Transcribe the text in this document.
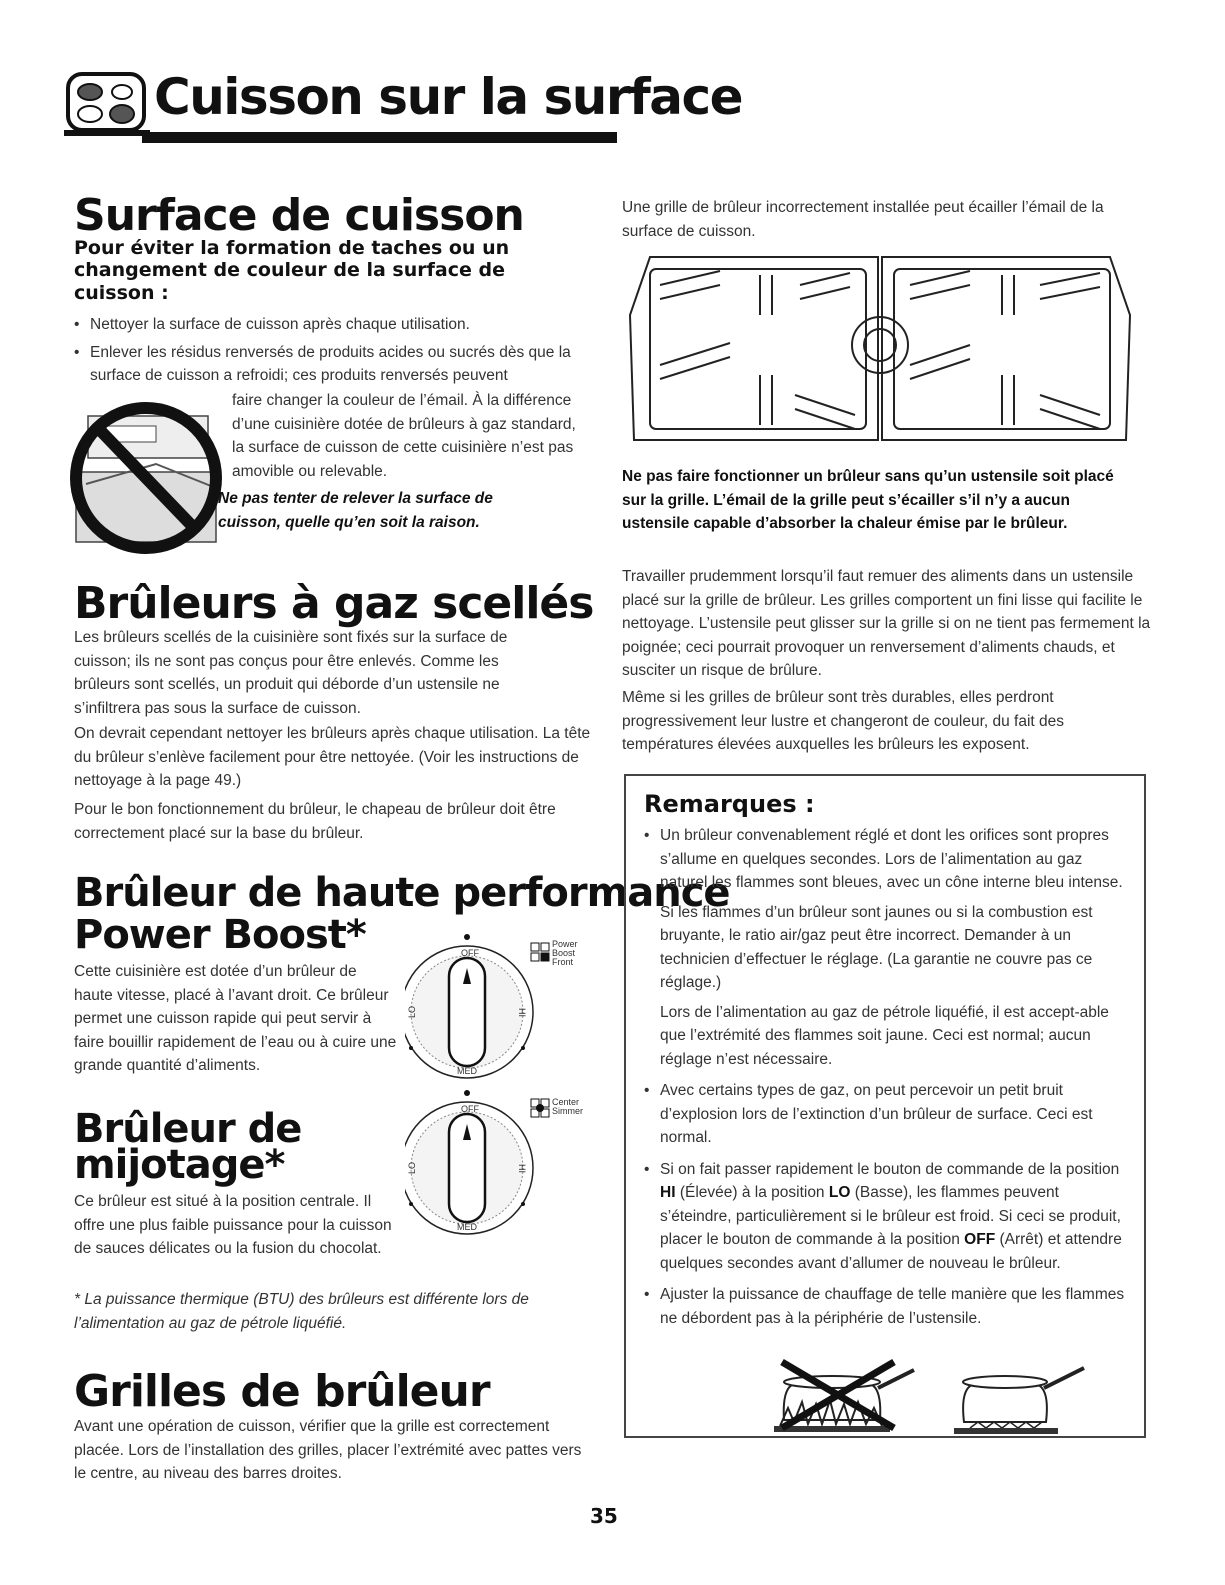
Cuisson sur la surface
Surface de cuisson
Pour éviter la formation de taches ou un changement de couleur de la surface de cuisson :
• Nettoyer la surface de cuisson après chaque utilisation.
• Enlever les résidus renversés de produits acides ou sucrés dès que la surface de cuisson a refroidi; ces produits renversés peuvent

faire changer la couleur de l’émail. À la différence d’une cuisinière dotée de brûleurs à gaz standard, la surface de cuisson de cette cuisinière n’est pas amovible ou relevable.

Ne pas tenter de relever la surface de cuisson, quelle qu’en soit la raison.

Brûleurs à gaz scellés

Les brûleurs scellés de la cuisinière sont fixés sur la surface de cuisson; ils ne sont pas conçus pour être enlevés. Comme les brûleurs sont scellés, un produit qui déborde d’un ustensile ne s’infiltrera pas sous la surface de cuisson.

On devrait cependant nettoyer les brûleurs après chaque utilisation. La tête du brûleur s’enlève facilement pour être nettoyée. (Voir les instructions de nettoyage à la page 49.)

Pour le bon fonctionnement du brûleur, le chapeau de brûleur doit être correctement placé sur la base du brûleur.

Brûleur de haute performance
Power Boost*

Cette cuisinière est dotée d’un brûleur de haute vitesse, placé à l’avant droit. Ce brûleur permet une cuisson rapide qui peut servir à faire bouillir rapidement de l’eau ou à cuire une grande quantité d’aliments.

OFF
LO	HI
MED
Power Boost Front
Brûleur de
mijotage*

Ce brûleur est situé à la position centrale. Il offre une plus faible puissance pour la cuisson de sauces délicates ou la fusion du chocolat.

OFF
LO	HI
MED
Center Simmer

* La puissance thermique (BTU) des brûleurs est différente lors de l’alimentation au gaz de pétrole liquéfié.

Grilles de brûleur

Avant une opération de cuisson, vérifier que la grille est correctement placée. Lors de l’installation des grilles, placer l’extrémité avec pattes vers le centre, au niveau des barres droites.

Une grille de brûleur incorrectement installée peut écailler l’émail de la surface de cuisson.

Ne pas faire fonctionner un brûleur sans qu’un ustensile soit placé sur la grille. L’émail de la grille peut s’écailler s’il n’y a aucun ustensile capable d’absorber la chaleur émise par le brûleur.

Travailler prudemment lorsqu’il faut remuer des aliments dans un ustensile placé sur la grille de brûleur. Les grilles comportent un fini lisse qui facilite le nettoyage. L’ustensile peut glisser sur la grille si on ne tient pas fermement la poignée; ceci pourrait provoquer un renversement d’aliments chauds, et susciter un risque de brûlure.

Même si les grilles de brûleur sont très durables, elles perdront progressivement leur lustre et changeront de couleur, du fait des températures élevées auxquelles les brûleurs les exposent.

Remarques :
• Un brûleur convenablement réglé et dont les orifices sont propres s’allume en quelques secondes. Lors de l’alimentation au gaz naturel les flammes sont bleues, avec un cône interne bleu intense.
Si les flammes d’un brûleur sont jaunes ou si la combustion est bruyante, le ratio air/gaz peut être incorrect. Demander à un technicien d’effectuer le réglage. (La garantie ne couvre pas ce réglage.)
Lors de l’alimentation au gaz de pétrole liquéfié, il est accept-able que l’extrémité des flammes soit jaune. Ceci est normal; aucun réglage n’est nécessaire.
• Avec certains types de gaz, on peut percevoir un petit bruit d’explosion lors de l’extinction d’un brûleur de surface. Ceci est normal.
• Si on fait passer rapidement le bouton de commande de la position HI (Élevée) à la position LO (Basse), les flammes peuvent s’éteindre, particulièrement si le brûleur est froid. Si ceci se produit, placer le bouton de commande à la position OFF (Arrêt) et attendre quelques secondes avant d’allumer de nouveau le brûleur.
• Ajuster la puissance de chauffage de telle manière que les flammes ne débordent pas à la périphérie de l’ustensile.
35
